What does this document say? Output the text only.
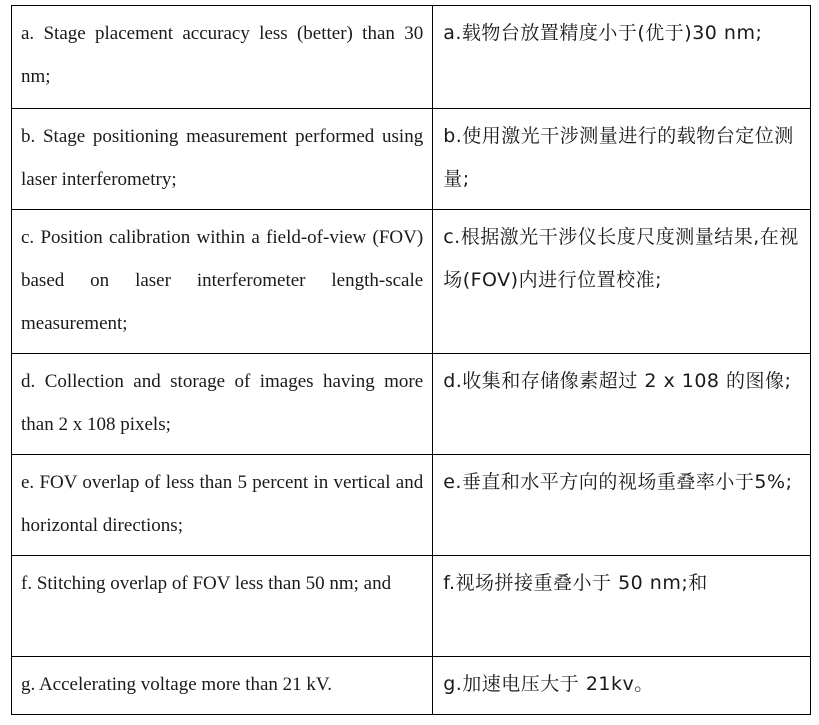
a. Stage placement accuracy less (better) than 30 nm;	a.载物台放置精度小于(优于)30 nm;
b. Stage positioning measurement performed using laser interferometry;	b.使用激光干涉测量进行的载物台定位测量;
c. Position calibration within a field-of-view (FOV) based on laser interferometer length-scale measurement;	c.根据激光干涉仪长度尺度测量结果,在视场(FOV)内进行位置校准;
d. Collection and storage of images having more than 2 x 108 pixels;	d.收集和存储像素超过 2 x 108 的图像;
e. FOV overlap of less than 5 percent in vertical and horizontal directions;	e.垂直和水平方向的视场重叠率小于5%;
f. Stitching overlap of FOV less than 50 nm; and	f.视场拼接重叠小于 50 nm;和
g. Accelerating voltage more than 21 kV.	g.加速电压大于 21kv。
